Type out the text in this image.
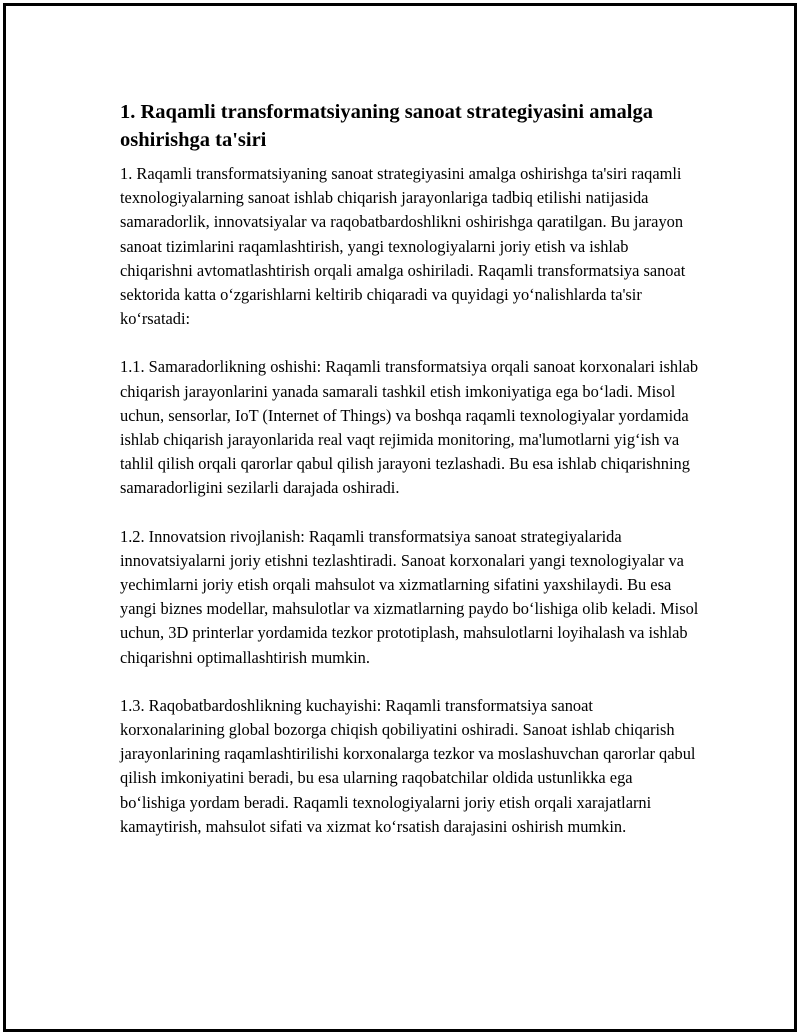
1. Raqamli transformatsiyaning sanoat strategiyasini amalga oshirishga ta'siri

1. Raqamli transformatsiyaning sanoat strategiyasini amalga oshirishga ta'siri raqamli texnologiyalarning sanoat ishlab chiqarish jarayonlariga tadbiq etilishi natijasida samaradorlik, innovatsiyalar va raqobatbardoshlikni oshirishga qaratilgan. Bu jarayon sanoat tizimlarini raqamlashtirish, yangi texnologiyalarni joriy etish va ishlab chiqarishni avtomatlashtirish orqali amalga oshiriladi. Raqamli transformatsiya sanoat sektorida katta o‘zgarishlarni keltirib chiqaradi va quyidagi yo‘nalishlarda ta'sir ko‘rsatadi:

1.1. Samaradorlikning oshishi: Raqamli transformatsiya orqali sanoat korxonalari ishlab chiqarish jarayonlarini yanada samarali tashkil etish imkoniyatiga ega bo‘ladi. Misol uchun, sensorlar, IoT (Internet of Things) va boshqa raqamli texnologiyalar yordamida ishlab chiqarish jarayonlarida real vaqt rejimida monitoring, ma'lumotlarni yig‘ish va tahlil qilish orqali qarorlar qabul qilish jarayoni tezlashadi. Bu esa ishlab chiqarishning samaradorligini sezilarli darajada oshiradi.

1.2. Innovatsion rivojlanish: Raqamli transformatsiya sanoat strategiyalarida innovatsiyalarni joriy etishni tezlashtiradi. Sanoat korxonalari yangi texnologiyalar va yechimlarni joriy etish orqali mahsulot va xizmatlarning sifatini yaxshilaydi. Bu esa yangi biznes modellar, mahsulotlar va xizmatlarning paydo bo‘lishiga olib keladi. Misol uchun, 3D printerlar yordamida tezkor prototiplash, mahsulotlarni loyihalash va ishlab chiqarishni optimallashtirish mumkin.

1.3. Raqobatbardoshlikning kuchayishi: Raqamli transformatsiya sanoat korxonalarining global bozorga chiqish qobiliyatini oshiradi. Sanoat ishlab chiqarish jarayonlarining raqamlashtirilishi korxonalarga tezkor va moslashuvchan qarorlar qabul qilish imkoniyatini beradi, bu esa ularning raqobatchilar oldida ustunlikka ega bo‘lishiga yordam beradi. Raqamli texnologiyalarni joriy etish orqali xarajatlarni kamaytirish, mahsulot sifati va xizmat ko‘rsatish darajasini oshirish mumkin.
